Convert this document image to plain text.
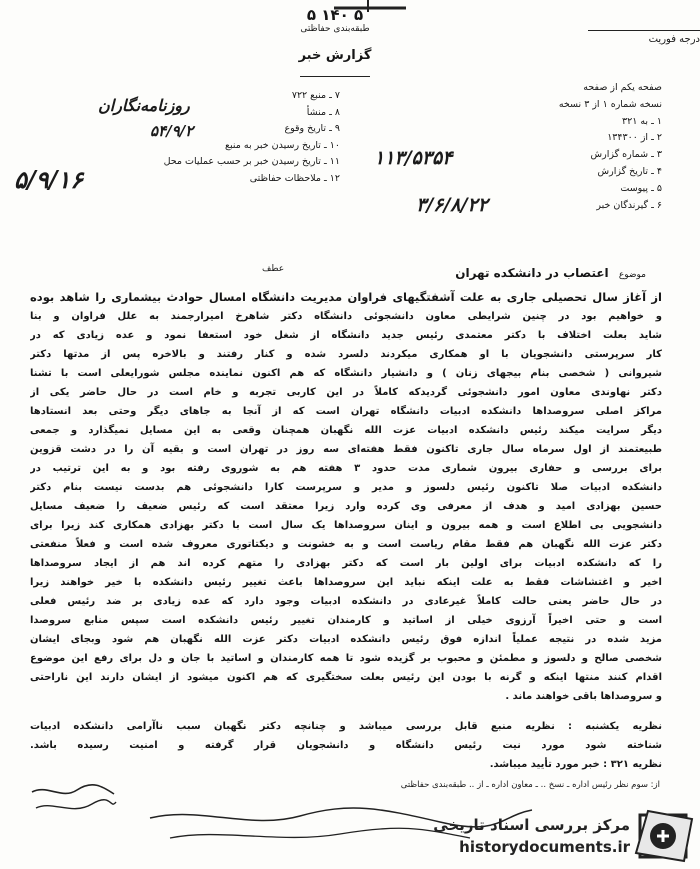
۵ ۱۴۰ ۵
طبقه‌بندی حفاظتی
گزارش خبر
درجه فوریت
۷ ـ منبع ۷۲۲
۸ ـ منشأ
۹ ـ تاریخ وقوع
۱۰ ـ تاریخ رسیدن خبر به منبع
۱۱ ـ تاریخ رسیدن خبر بر حسب عملیات محل
۱۲ ـ ملاحظات حفاظتی
صفحه یکم از صفحه
نسخه شماره ۱ از ۳ نسخه
۱ ـ به ۳۲۱
۲ ـ از ۱۳۴۳۰۰
۳ ـ شماره گزارش
۴ ـ تاریخ گزارش
۵ ـ پیوست
۶ ـ گیرندگان خبر
روزنامه‌نگاران
۵۴/۹/۲
۱۱۳/۵۳۵۴
۳/۶/۸/۲۲
۵/۹/۱۶
عطف
موضوع اعتصاب در دانشکده تهران
از آغاز سال تحصیلی جاری به علت آشفتگیهای فراوان مدیریت دانشگاه امسال حوادث بیشماری را شاهد بوده
و خواهیم بود در چنین شرایطی معاون دانشجوئی دانشگاه دکتر شاهرخ امیرارجمند به علل فراوان و بنا
شاید بعلت اختلاف با دکتر معتمدی رئیس جدید دانشگاه از شغل خود استعفا نمود و عده زیادی که در
کار سرپرستی دانشجویان با او همکاری میکردند دلسرد شده و کنار رفتند و بالاخره پس از مدتها دکتر
شیروانی ( شخصی بنام بیجهای زنان ) و دانشیار دانشگاه که هم اکنون نماینده مجلس شورایعلی است با تشنا
دکتر نهاوندی معاون امور دانشجوئی گردیدکه کاملاً در این کاربی تجربه و خام است در حال حاضر یکی از
مراکز اصلی سروصداها دانشکده ادبیات دانشگاه تهران است که از آنجا به جاهای دیگر وحتی بعد انستادها
دیگر سرایت میکند رئیس دانشکده ادبیات عزت الله نگهبان همچنان وقعی به این مسایل نمیگذارد و جمعی
طبیعتمند از اول سرماه سال جاری تاکنون فقط هفته‌ای سه روز در تهران است و بقیه آن را در دشت قزوین
برای بررسی و حفاری بیرون شماری مدت حدود ۳ هفته هم به شوروی رفته بود و به این ترتیب در
دانشکده ادبیات صلا تاکنون رئیس دلسوز و مدیر و سرپرست کارا دانشجوئی هم بدست نیست بنام دکتر
حسین بهزادی امید و هدف از معرفی وی کرده وارد زیرا معتقد است که رئیس ضعیف را ضعیف مسایل
دانشجویی بی اطلاع است و همه بیرون و اینان سروصداها یک سال است با دکتر بهزادی همکاری کند زیرا برای
دکتر عزت الله نگهبان هم فقط مقام ریاست است و به خشونت و دیکتاتوری معروف شده است و فعلاً منفعتی
را که دانشکده ادبیات برای اولین بار است که دکتر بهزادی را متهم کرده اند هم از ایجاد سروصداها
اخیر و اغتشاشات فقط به علت اینکه نباید این سروصداها باعث تغییر رئیس دانشکده با خیر خواهند زیرا
در حال حاضر یعنی حالت کاملاً غیرعادی در دانشکده ادبیات وجود دارد که عده زیادی بر ضد رئیس فعلی
است و حتی اخیراً آرزوی خیلی از اساتید و کارمندان تغییر رئیس دانشکده است سپس منابع سروصدا
مزید شده در نتیجه عملیاً اندازه فوق رئیس دانشکده ادبیات دکتر عزت الله نگهبان هم شود وبجای ایشان
شخصی صالح و دلسوز و مطمئن و محبوب بر گزیده شود تا همه کارمندان و اساتید با جان و دل برای رفع این موضوع
اقدام کنند منتها اینکه و گرنه با بودن این رئیس بعلت سختگیری که هم اکنون میشود از ایشان دارند این ناراحتی
و سروصداها باقی خواهند ماند .
نظریه یکشنبه : نظریه منبع قابل بررسی میباشد و چنانچه دکتر نگهبان سبب ناآرامی دانشکده ادبیات
شناخته شود مورد نیت رئیس دانشگاه و دانشجویان قرار گرفته و امنیت رسیده باشد.
نظریه ۳۲۱ : خبر مورد تأیید میباشد.
از: سوم نظر رئیس اداره ـ نسخ .. ـ معاون اداره ـ از .. طبقه‌بندی حفاظتی
مرکز بررسی اسناد تاریخی
historydocuments.ir
